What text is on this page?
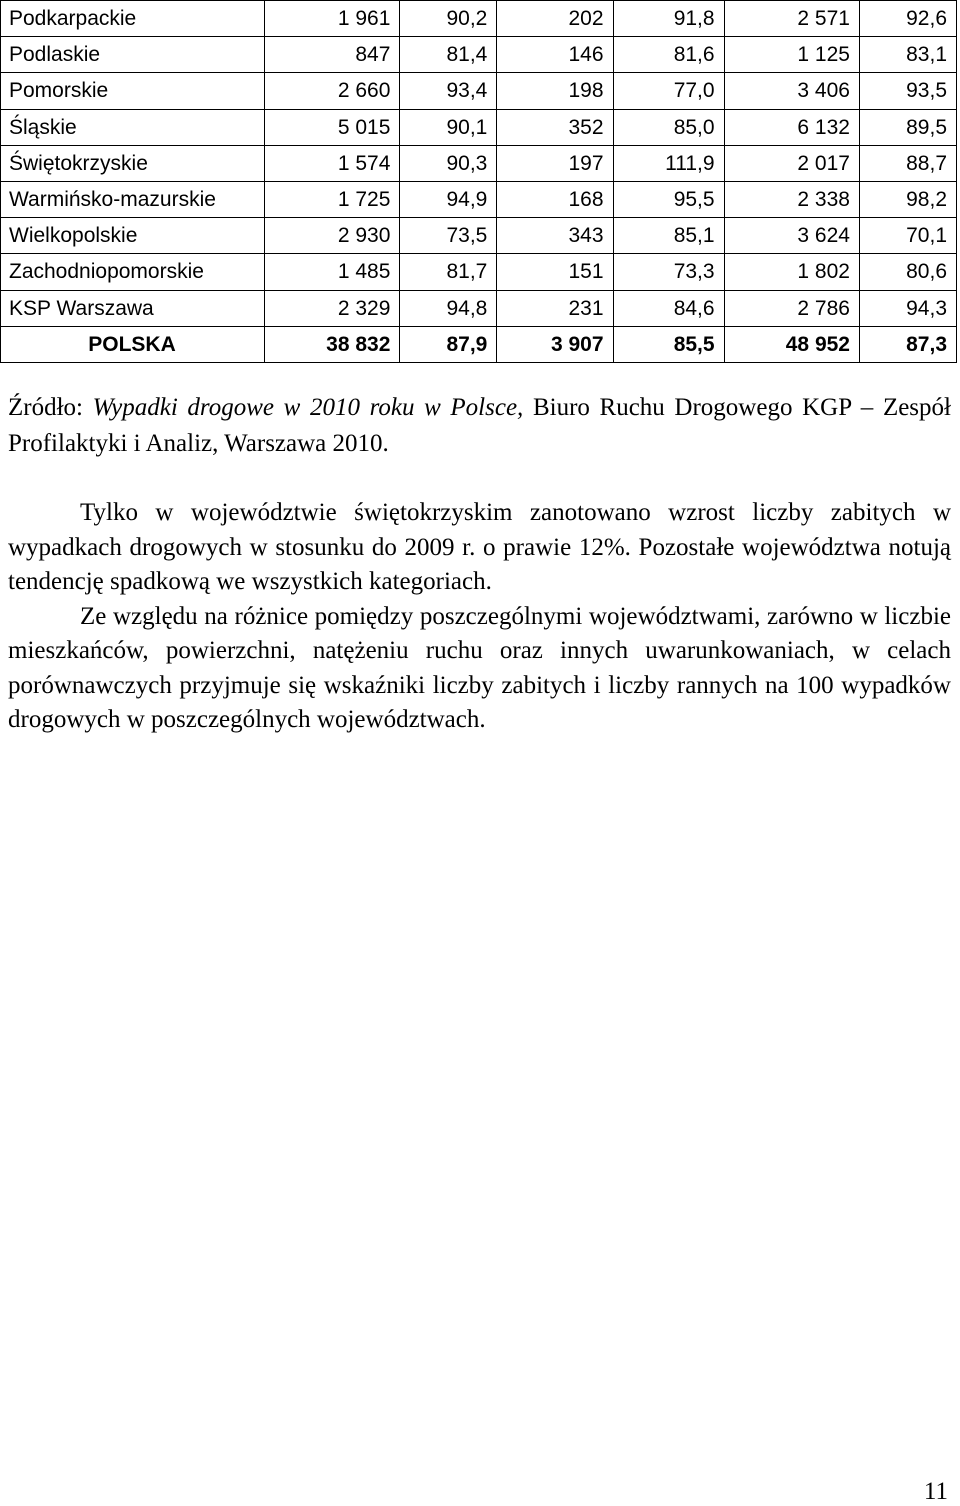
Podkarpackie	1 961	90,2	202	91,8	2 571	92,6
Podlaskie	847	81,4	146	81,6	1 125	83,1
Pomorskie	2 660	93,4	198	77,0	3 406	93,5
Śląskie	5 015	90,1	352	85,0	6 132	89,5
Świętokrzyskie	1 574	90,3	197	111,9	2 017	88,7
Warmińsko-mazurskie	1 725	94,9	168	95,5	2 338	98,2
Wielkopolskie	2 930	73,5	343	85,1	3 624	70,1
Zachodniopomorskie	1 485	81,7	151	73,3	1 802	80,6
KSP Warszawa	2 329	94,8	231	84,6	2 786	94,3
POLSKA	38 832	87,9	3 907	85,5	48 952	87,3
Źródło: Wypadki drogowe w 2010 roku w Polsce, Biuro Ruchu Drogowego KGP – Zespół Profilaktyki i Analiz, Warszawa 2010.

Tylko w województwie świętokrzyskim zanotowano wzrost liczby zabitych w wypadkach drogowych w stosunku do 2009 r. o prawie 12%. Pozostałe województwa notują tendencję spadkową we wszystkich kategoriach.

Ze względu na różnice pomiędzy poszczególnymi województwami, zarówno w liczbie mieszkańców, powierzchni, natężeniu ruchu oraz innych uwarunkowaniach, w celach porównawczych przyjmuje się wskaźniki liczby zabitych i liczby rannych na 100 wypadków drogowych w poszczególnych województwach.

11
